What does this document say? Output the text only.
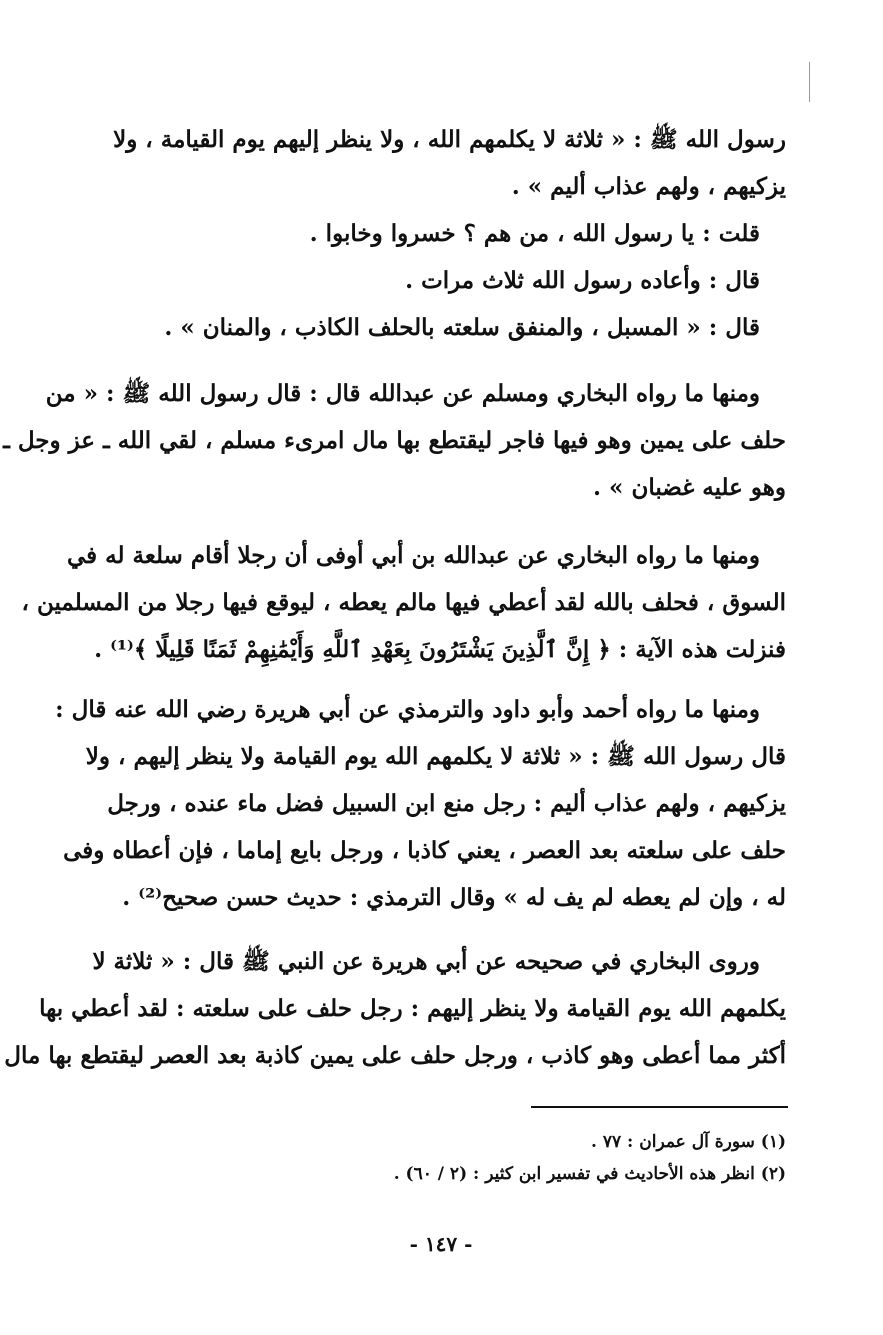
رسول الله ﷺ : « ثلاثة لا يكلمهم الله ، ولا ينظر إليهم يوم القيامة ، ولا
يزكيهم ، ولهم عذاب أليم » .
قلت : يا رسول الله ، من هم ؟ خسروا وخابوا .
قال : وأعاده رسول الله ثلاث مرات .
قال : « المسبل ، والمنفق سلعته بالحلف الكاذب ، والمنان » .
ومنها ما رواه البخاري ومسلم عن عبدالله قال : قال رسول الله ﷺ : « من
حلف على يمين وهو فيها فاجر ليقتطع بها مال امرىء مسلم ، لقي الله ـ عز وجل ـ
وهو عليه غضبان » .
ومنها ما رواه البخاري عن عبدالله بن أبي أوفى أن رجلا أقام سلعة له في
السوق ، فحلف بالله لقد أعطي فيها مالم يعطه ، ليوقع فيها رجلا من المسلمين ،
فنزلت هذه الآية : ﴿ إِنَّ ٱلَّذِينَ يَشْتَرُونَ بِعَهْدِ ٱللَّهِ وَأَيْمَٰنِهِمْ ثَمَنًا قَلِيلًا ﴾⁽¹⁾ .
ومنها ما رواه أحمد وأبو داود والترمذي عن أبي هريرة رضي الله عنه قال :
قال رسول الله ﷺ : « ثلاثة لا يكلمهم الله يوم القيامة ولا ينظر إليهم ، ولا
يزكيهم ، ولهم عذاب أليم : رجل منع ابن السبيل فضل ماء عنده ، ورجل
حلف على سلعته بعد العصر ، يعني كاذبا ، ورجل بايع إماما ، فإن أعطاه وفى
له ، وإن لم يعطه لم يف له » وقال الترمذي : حديث حسن صحيح⁽²⁾ .
وروى البخاري في صحيحه عن أبي هريرة عن النبي ﷺ قال : « ثلاثة لا
يكلمهم الله يوم القيامة ولا ينظر إليهم : رجل حلف على سلعته : لقد أعطي بها
أكثر مما أعطى وهو كاذب ، ورجل حلف على يمين كاذبة بعد العصر ليقتطع بها مال
(١) سورة آل عمران : ٧٧ .
(٢) انظر هذه الأحاديث في تفسير ابن كثير : (٢ / ٦٠) .
- ١٤٧ -
